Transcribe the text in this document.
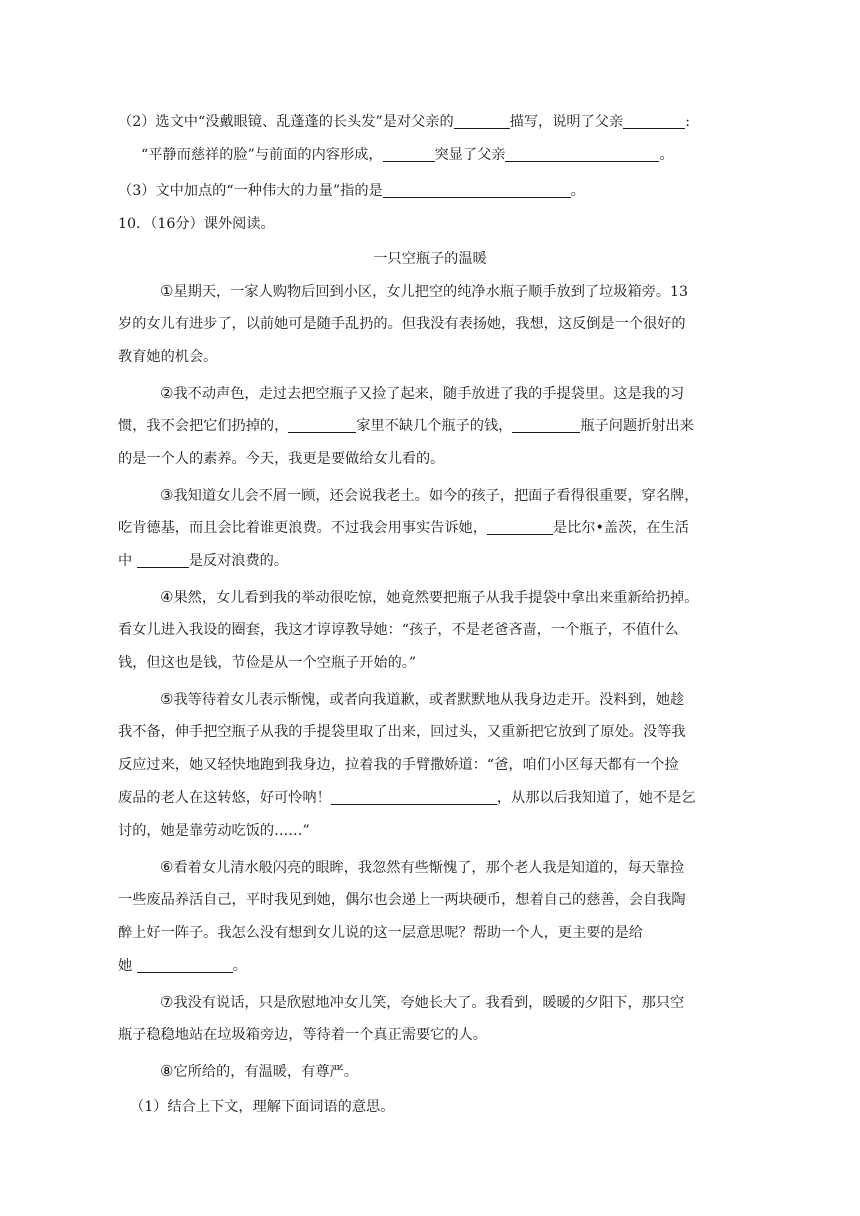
（2）选文中“没戴眼镜、乱蓬蓬的长头发”是对父亲的	描写，说明了父亲	:
“平静而慈祥的脸”与前面的内容形成，	突显了父亲	。
（3）文中加点的“一种伟大的力量”指的是	。
10．（16分）课外阅读。
一只空瓶子的温暖
①星期天，一家人购物后回到小区，女儿把空的纯净水瓶子顺手放到了垃圾箱旁。13
岁的女儿有进步了，以前她可是随手乱扔的。但我没有表扬她，我想，这反倒是一个很好的
教育她的机会。
②我不动声色，走过去把空瓶子又捡了起来，随手放进了我的手提袋里。这是我的习
惯，我不会把它们扔掉的，	家里不缺几个瓶子的钱，	瓶子问题折射出来
的是一个人的素养。今天，我更是要做给女儿看的。
③我知道女儿会不屑一顾，还会说我老土。如今的孩子，把面子看得很重要，穿名牌，
吃肯德基，而且会比着谁更浪费。不过我会用事实告诉她，	是比尔•盖茨，在生活
中	是反对浪费的。
④果然，女儿看到我的举动很吃惊，她竟然要把瓶子从我手提袋中拿出来重新给扔掉。
看女儿进入我设的圈套，我这才谆谆教导她：“孩子，不是老爸吝啬，一个瓶子，不值什么
钱，但这也是钱，节俭是从一个空瓶子开始的。”
⑤我等待着女儿表示惭愧，或者向我道歉，或者默默地从我身边走开。没料到，她趁
我不备，伸手把空瓶子从我的手提袋里取了出来，回过头，又重新把它放到了原处。没等我
反应过来，她又轻快地跑到我身边，拉着我的手臂撒娇道：“爸，咱们小区每天都有一个捡
废品的老人在这转悠，好可怜呐！	，从那以后我知道了，她不是乞
讨的，她是靠劳动吃饭的……”
⑥看着女儿清水般闪亮的眼眸，我忽然有些惭愧了，那个老人我是知道的，每天靠捡
一些废品养活自己，平时我见到她，偶尔也会递上一两块硬币，想着自己的慈善，会自我陶
醉上好一阵子。我怎么没有想到女儿说的这一层意思呢？帮助一个人，更主要的是给
她	。
⑦我没有说话，只是欣慰地冲女儿笑，夸她长大了。我看到，暖暖的夕阳下，那只空
瓶子稳稳地站在垃圾箱旁边，等待着一个真正需要它的人。
⑧它所给的，有温暖，有尊严。
（1）结合上下文，理解下面词语的意思。
